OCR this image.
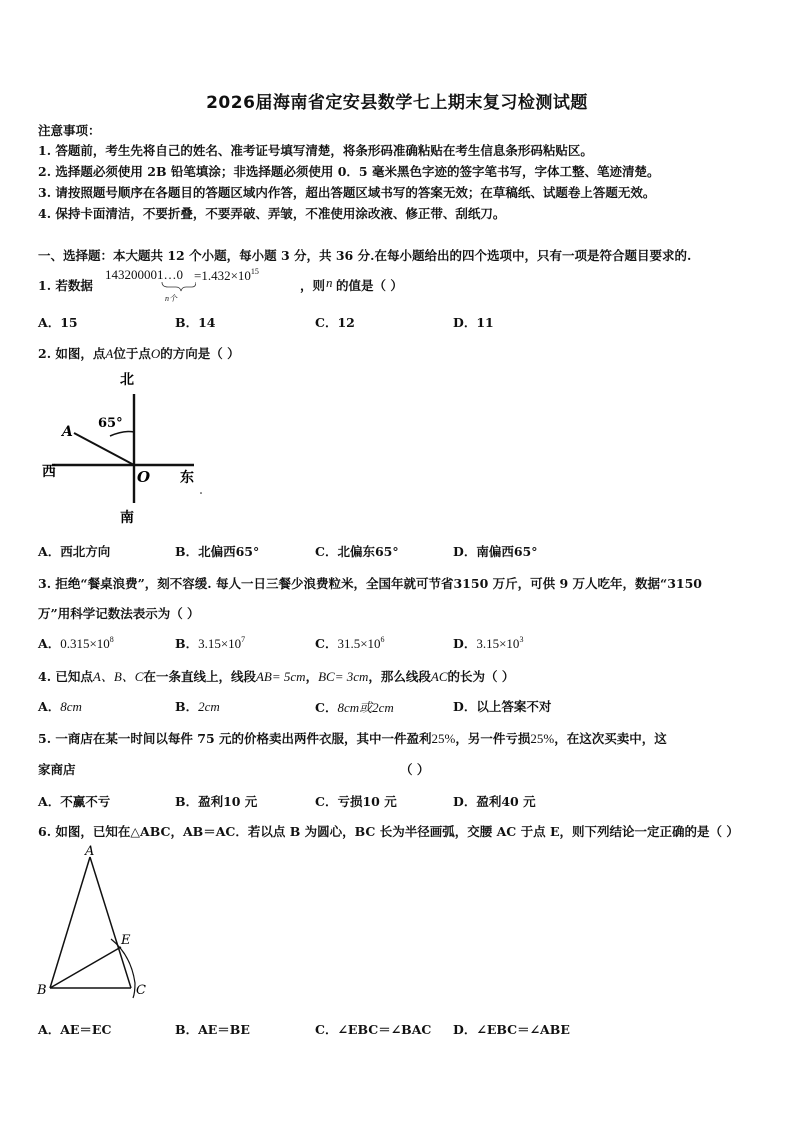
2026届海南省定安县数学七上期末复习检测试题
注意事项：
1. 答题前，考生先将自己的姓名、准考证号填写清楚，将条形码准确粘贴在考生信息条形码粘贴区。
2. 选择题必须使用 2B 铅笔填涂；非选择题必须使用 0．5 毫米黑色字迹的签字笔书写，字体工整、笔迹清楚。
3. 请按照题号顺序在各题目的答题区域内作答，超出答题区域书写的答案无效；在草稿纸、试题卷上答题无效。
4. 保持卡面清洁，不要折叠，不要弄破、弄皱，不准使用涂改液、修正带、刮纸刀。
一、选择题：本大题共 12 个小题，每小题 3 分，共 36 分.在每小题给出的四个选项中，只有一项是符合题目要求的.
1. 若数据
143200001…0 $=1.432\times 10^{15}$
n个
，则 n 的值是（ ）
A．15	B．14	C．12	D．11
2. 如图，点A位于点O的方向是（ ）
北
南
东
西
65°
A
O
A．西北方向	B．北偏西65°	C．北偏东65°	D．南偏西65°
3. 拒绝“餐桌浪费”，刻不容缓. 每人一日三餐少浪费粒米，全国年就可节省3150 万斤，可供 9 万人吃年，数据“3150
万”用科学记数法表示为（ ）
A．$0.315\times 10^8$	B．$3.15\times 10^7$	C．$31.5\times 10^6$	D．$3.15\times 10^3$
4. 已知点A、B、C在一条直线上，线段AB= 5cm，BC= 3cm，那么线段AC的长为（ ）
A．8cm	B．2cm	C．8cm或2cm	D．以上答案不对
5. 一商店在某一时间以每件 75 元的价格卖出两件衣服，其中一件盈利25%，另一件亏损25%，在这次买卖中，这
家商店	（ ）
A．不赢不亏	B．盈利10 元	C．亏损10 元	D．盈利40 元
6. 如图，已知在△ABC，AB＝AC．若以点 B 为圆心，BC 长为半径画弧，交腰 AC 于点 E，则下列结论一定正确的是（ ）
A
B	C
E
A．AE＝EC	B．AE＝BE	C．∠EBC＝∠BAC D．∠EBC＝∠ABE
